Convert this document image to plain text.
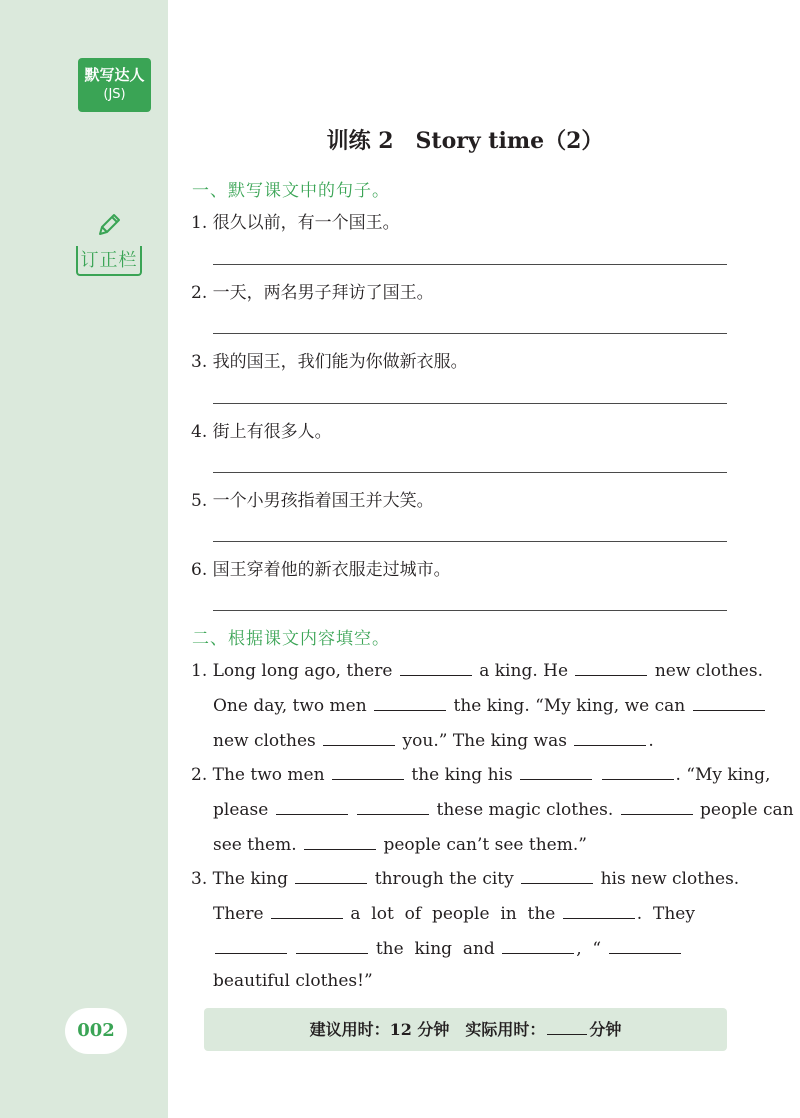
默写达人
(JS)
订正栏
002
训练 2　Story time（2）
一、默写课文中的句子。
1. 很久以前，有一个国王。
2. 一天，两名男子拜访了国王。
3. 我的国王，我们能为你做新衣服。
4. 街上有很多人。
5. 一个小男孩指着国王并大笑。
6. 国王穿着他的新衣服走过城市。
二、根据课文内容填空。
1. Long long ago, there	a king. He	new clothes.
One day, two men	the king. “My king, we can
new clothes	you.” The king was	.
2. The two men	the king his	. “My king,
please	these magic clothes.	people can
see them.	people can’t see them.”
3. The king	through the city	his new clothes.
There	a  lot  of  people  in  the	.  They
the  king  and	,  “
beautiful clothes!”
建议用时：12 分钟　实际用时：	分钟
